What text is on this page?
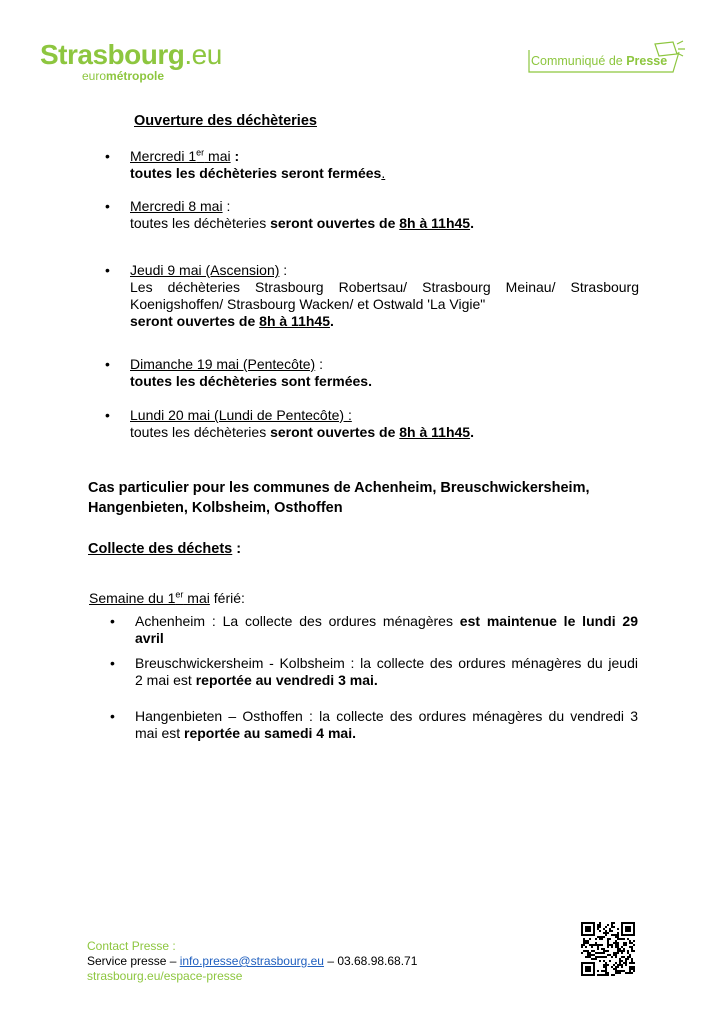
Strasbourg.eu
eurométropole
Communiqué de Presse
Ouverture des déchèteries
•	Mercredi 1er mai :
toutes les déchèteries seront fermées.
•	Mercredi 8 mai :
toutes les déchèteries seront ouvertes de 8h à 11h45.
•	Jeudi 9 mai (Ascension) :
Les déchèteries Strasbourg Robertsau/ Strasbourg Meinau/ Strasbourg
Koenigshoffen/ Strasbourg Wacken/ et Ostwald 'La Vigie"
seront ouvertes de 8h à 11h45.
•	Dimanche 19 mai (Pentecôte) :
toutes les déchèteries sont fermées.
•	Lundi 20 mai (Lundi de Pentecôte) :
toutes les déchèteries seront ouvertes de 8h à 11h45.
Cas particulier pour les communes de Achenheim, Breuschwickersheim, Hangenbieten, Kolbsheim, Osthoffen
Collecte des déchets :
Semaine du 1er mai férié:
•	Achenheim : La collecte des ordures ménagères est maintenue le lundi 29
avril
•	Breuschwickersheim - Kolbsheim : la collecte des ordures ménagères du jeudi
2 mai est reportée au vendredi 3 mai.
•	Hangenbieten – Osthoffen : la collecte des ordures ménagères du vendredi 3
mai est reportée au samedi 4 mai.
Contact Presse :
Service presse – info.presse@strasbourg.eu – 03.68.98.68.71
strasbourg.eu/espace-presse
